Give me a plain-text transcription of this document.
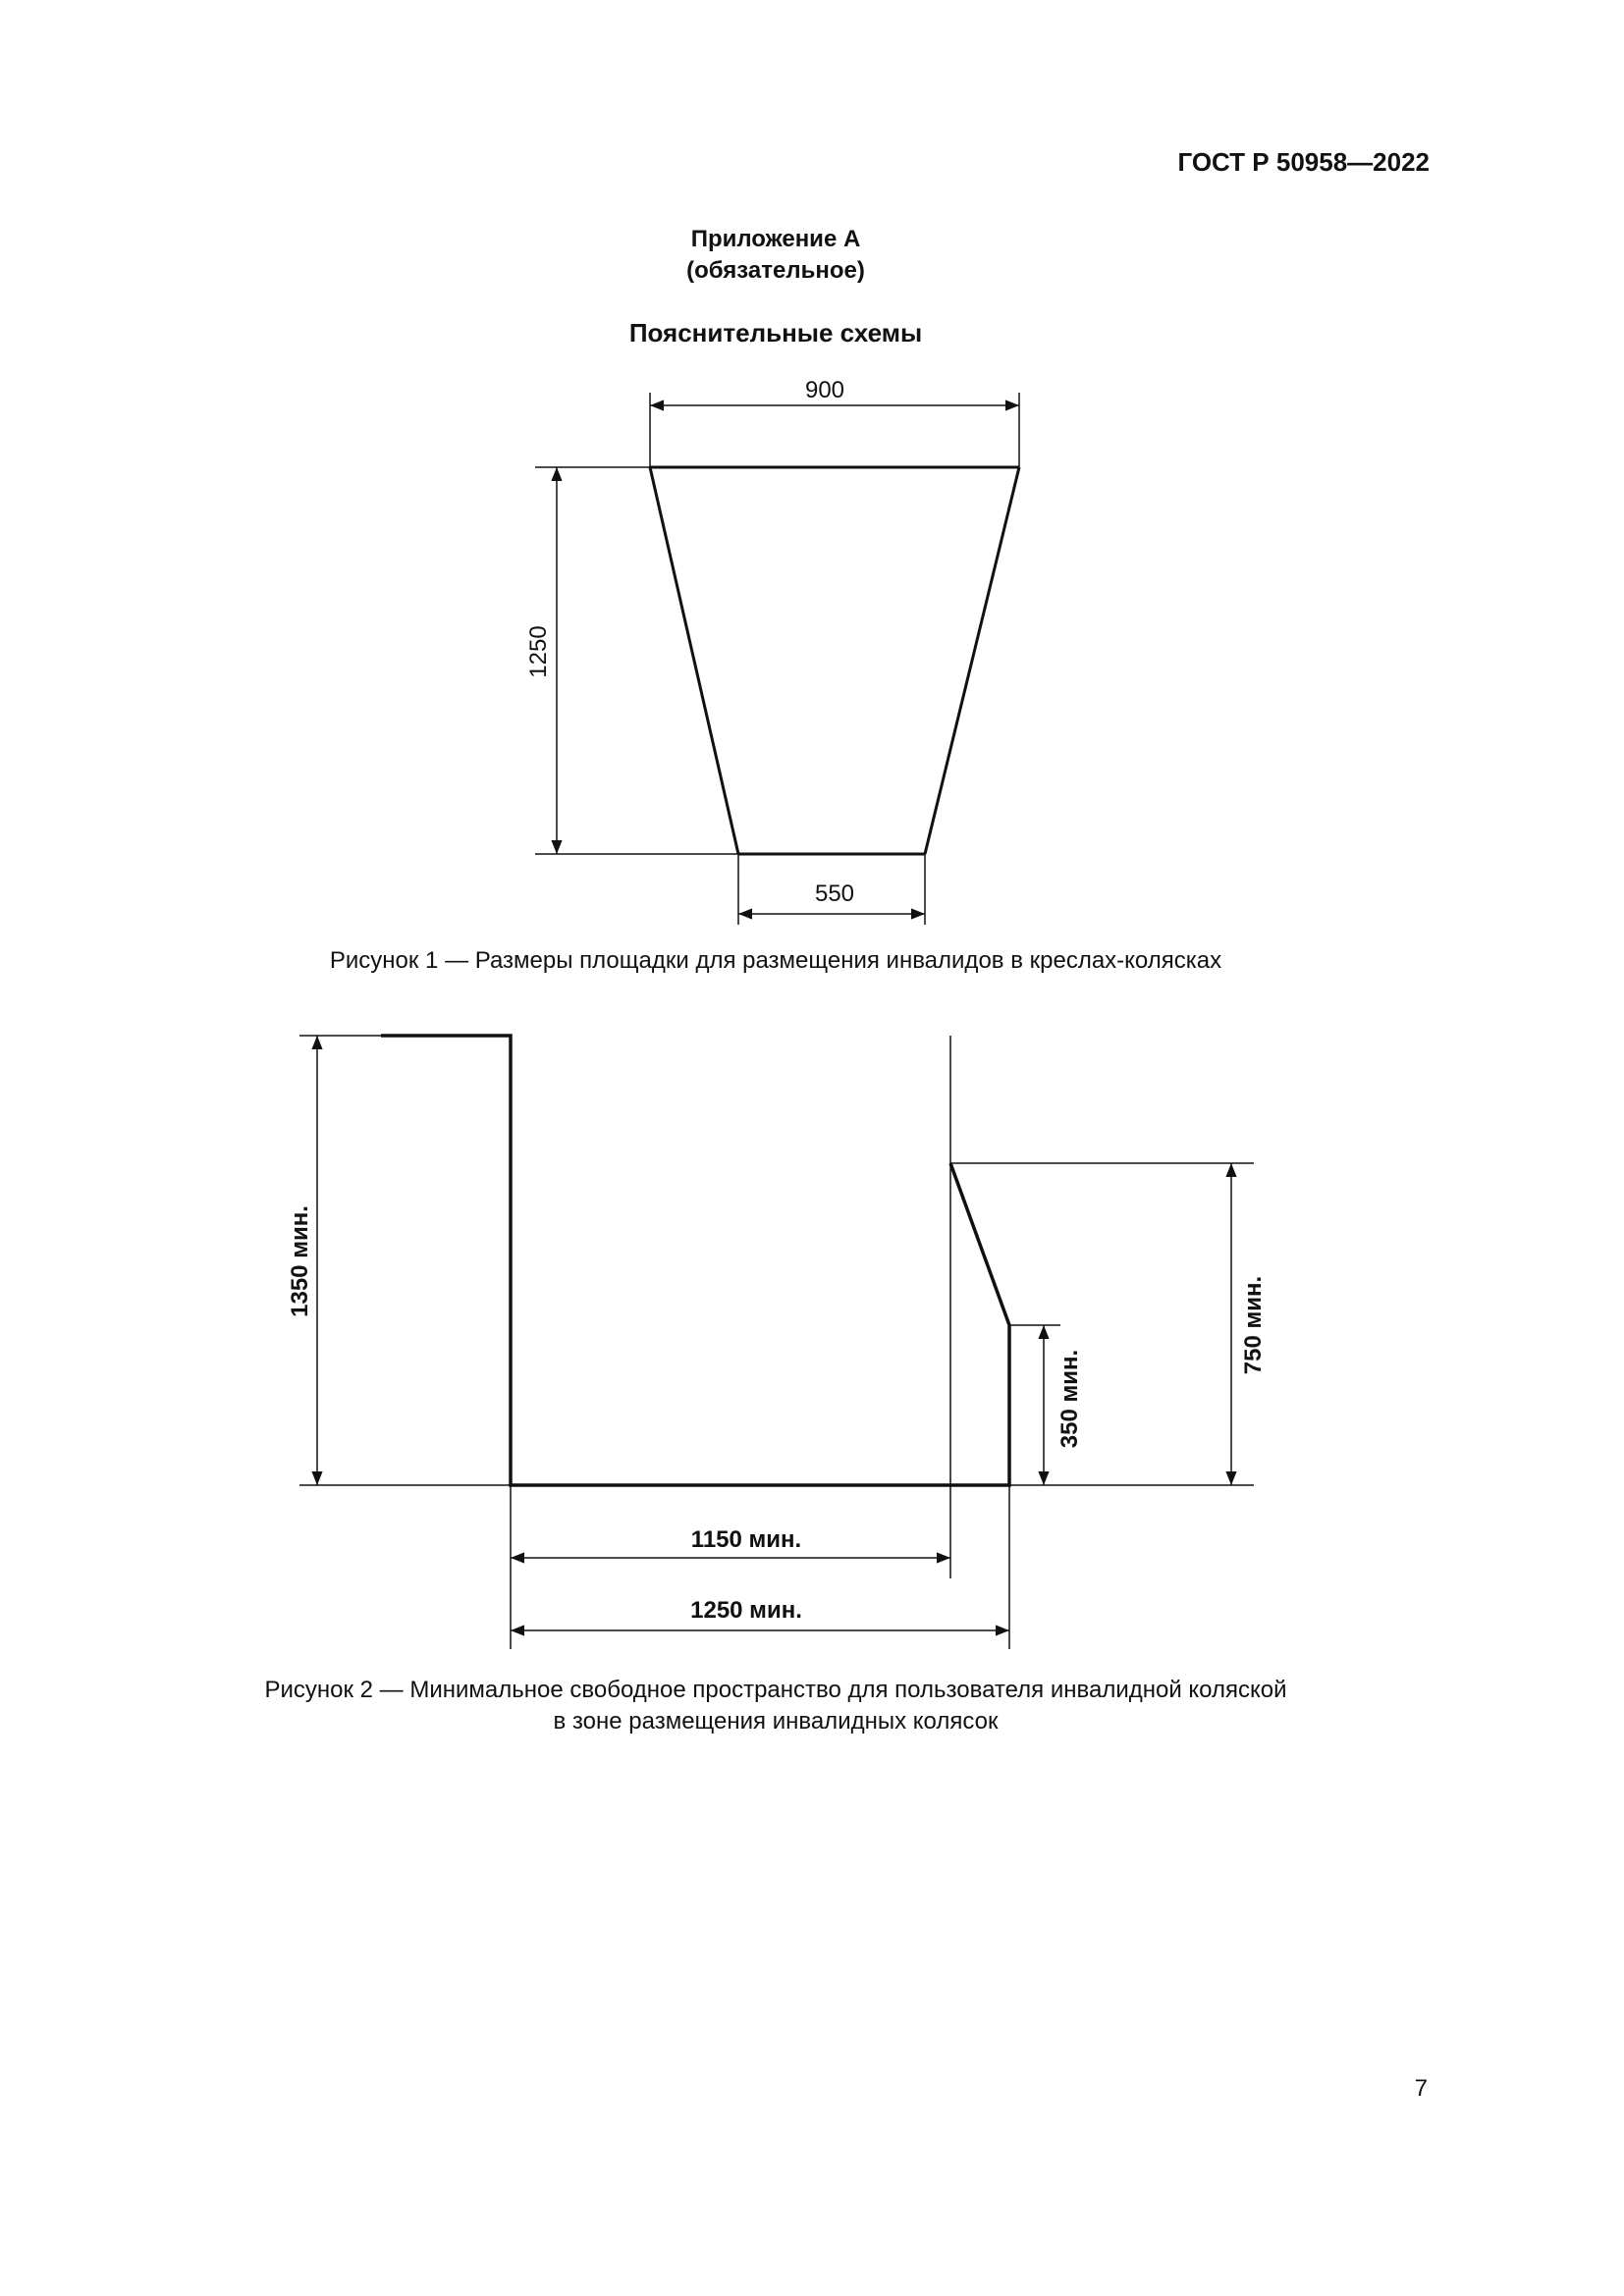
ГОСТ Р 50958—2022
Приложение А
(обязательное)
Пояснительные схемы
900
1250
550
1350 мин.
1150 мин.
1250 мин.
350 мин.
750 мин.
Рисунок 1 — Размеры площадки для размещения инвалидов в креслах-колясках
Рисунок 2 — Минимальное свободное пространство для пользователя инвалидной коляской
в зоне размещения инвалидных колясок
7
